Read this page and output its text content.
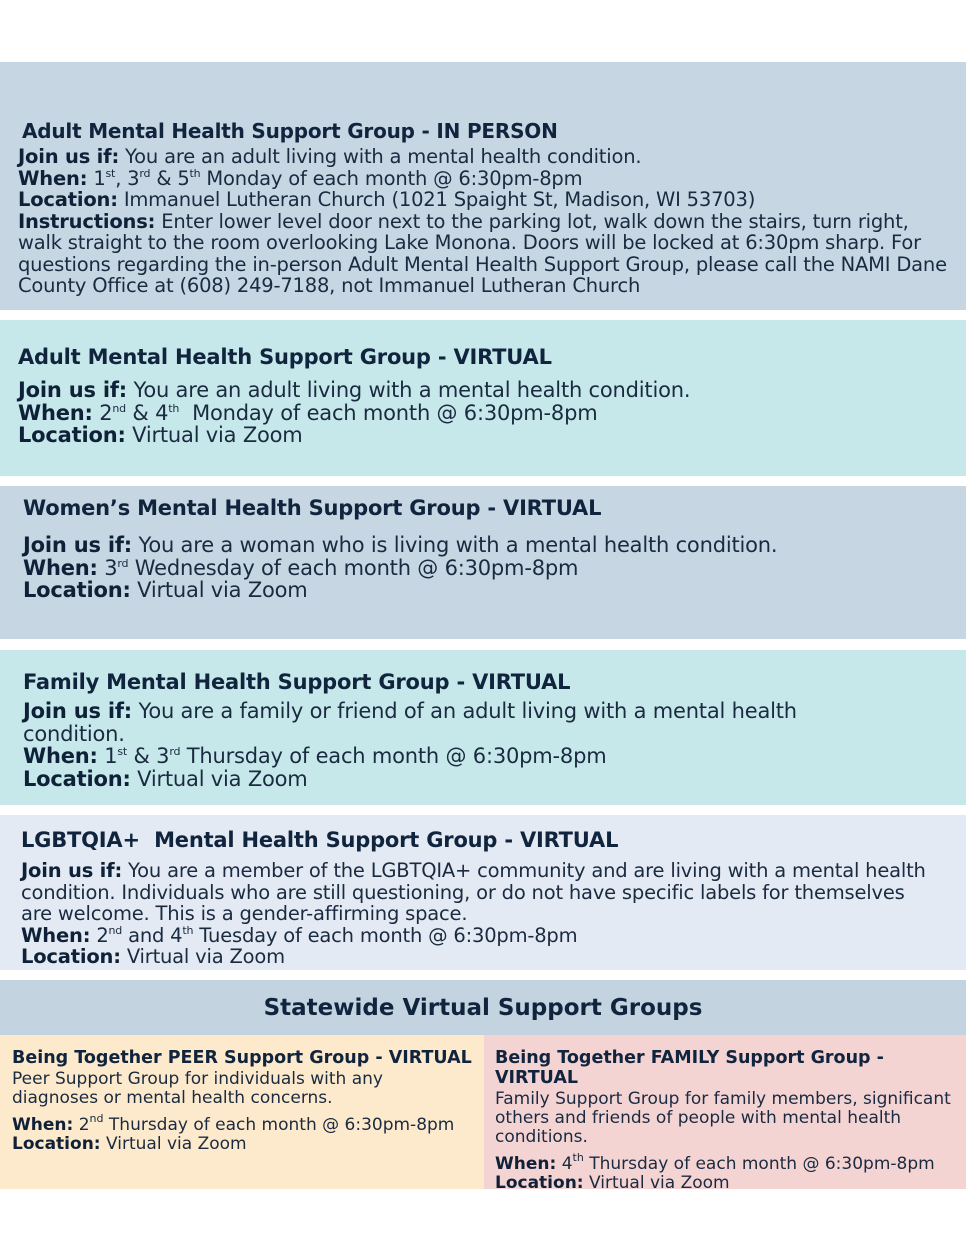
Adult Mental Health Support Group - IN PERSON
Join us if: You are an adult living with a mental health condition.
When: 1st, 3rd & 5th Monday of each month @ 6:30pm-8pm
Location: Immanuel Lutheran Church (1021 Spaight St, Madison, WI 53703)
Instructions: Enter lower level door next to the parking lot, walk down the stairs, turn right, walk straight to the room overlooking Lake Monona. Doors will be locked at 6:30pm sharp. For questions regarding the in-person Adult Mental Health Support Group, please call the NAMI Dane County Office at (608) 249-7188, not Immanuel Lutheran Church
Adult Mental Health Support Group - VIRTUAL
Join us if: You are an adult living with a mental health condition.
When: 2nd & 4th  Monday of each month @ 6:30pm-8pm
Location: Virtual via Zoom
Women’s Mental Health Support Group - VIRTUAL
Join us if: You are a woman who is living with a mental health condition.
When: 3rd Wednesday of each month @ 6:30pm-8pm
Location: Virtual via Zoom
Family Mental Health Support Group - VIRTUAL
Join us if: You are a family or friend of an adult living with a mental health condition.
When: 1st & 3rd Thursday of each month @ 6:30pm-8pm
Location: Virtual via Zoom
LGBTQIA+  Mental Health Support Group - VIRTUAL
Join us if: You are a member of the LGBTQIA+ community and are living with a mental health condition. Individuals who are still questioning, or do not have specific labels for themselves are welcome. This is a gender-affirming space.
When: 2nd and 4th Tuesday of each month @ 6:30pm-8pm
Location: Virtual via Zoom
Statewide Virtual Support Groups
Being Together PEER Support Group - VIRTUAL
Peer Support Group for individuals with any diagnoses or mental health concerns.
When: 2nd Thursday of each month @ 6:30pm-8pm
Location: Virtual via Zoom
Being Together FAMILY Support Group - VIRTUAL
Family Support Group for family members, significant others and friends of people with mental health conditions.
When: 4th Thursday of each month @ 6:30pm-8pm
Location: Virtual via Zoom
